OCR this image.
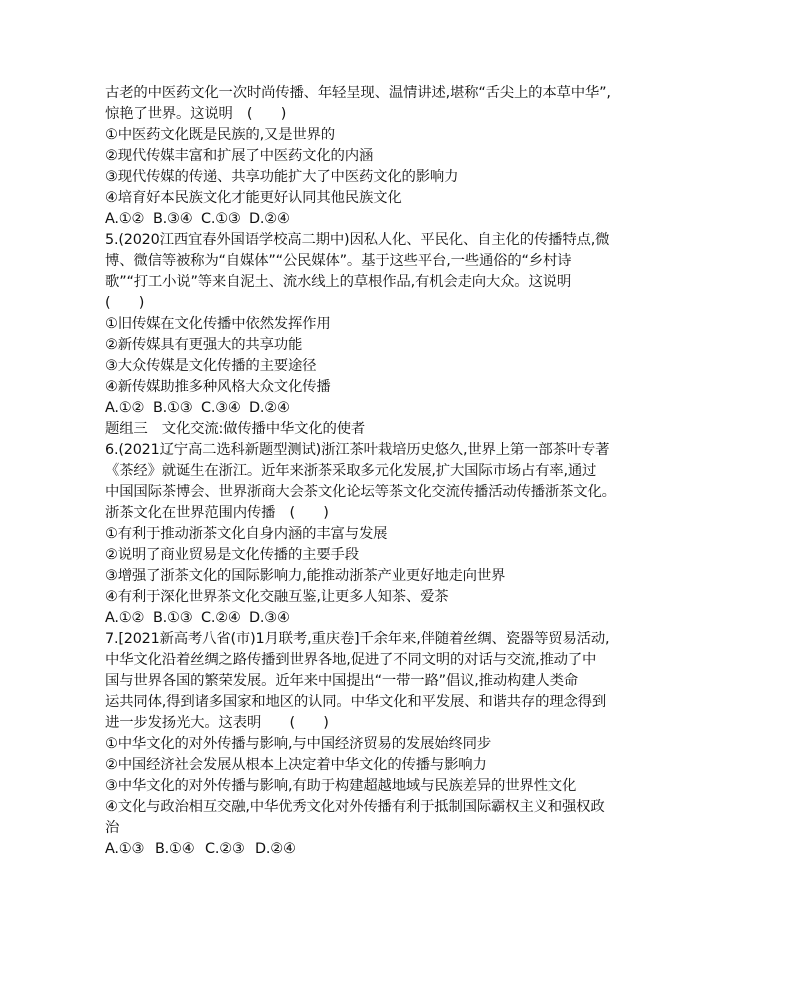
古老的中医药文化一次时尚传播、年轻呈现、温情讲述,堪称“舌尖上的本草中华”,
惊艳了世界。这说明　(　　)
①中医药文化既是民族的,又是世界的
②现代传媒丰富和扩展了中医药文化的内涵
③现代传媒的传递、共享功能扩大了中医药文化的影响力
④培育好本民族文化才能更好认同其他民族文化
A.①② B.③④ C.①③ D.②④
5.(2020江西宜春外国语学校高二期中)因私人化、平民化、自主化的传播特点,微
博、微信等被称为“自媒体”“公民媒体”。基于这些平台,一些通俗的“乡村诗
歌”“打工小说”等来自泥土、流水线上的草根作品,有机会走向大众。这说明
(　　)
①旧传媒在文化传播中依然发挥作用
②新传媒具有更强大的共享功能
③大众传媒是文化传播的主要途径
④新传媒助推多种风格大众文化传播
A.①② B.①③ C.③④ D.②④
题组三　文化交流:做传播中华文化的使者
6.(2021辽宁高二选科新题型测试)浙江茶叶栽培历史悠久,世界上第一部茶叶专著
《茶经》就诞生在浙江。近年来浙茶采取多元化发展,扩大国际市场占有率,通过
中国国际茶博会、世界浙商大会茶文化论坛等茶文化交流传播活动传播浙茶文化。
浙茶文化在世界范围内传播　(　　)
①有利于推动浙茶文化自身内涵的丰富与发展
②说明了商业贸易是文化传播的主要手段
③增强了浙茶文化的国际影响力,能推动浙茶产业更好地走向世界
④有利于深化世界茶文化交融互鉴,让更多人知茶、爱茶
A.①② B.①③ C.②④ D.③④
7.[2021新高考八省(市)1月联考,重庆卷]千余年来,伴随着丝绸、瓷器等贸易活动,
中华文化沿着丝绸之路传播到世界各地,促进了不同文明的对话与交流,推动了中
国与世界各国的繁荣发展。近年来中国提出“一带一路”倡议,推动构建人类命
运共同体,得到诸多国家和地区的认同。中华文化和平发展、和谐共存的理念得到
进一步发扬光大。这表明　　(　　)
①中华文化的对外传播与影响,与中国经济贸易的发展始终同步
②中国经济社会发展从根本上决定着中华文化的传播与影响力
③中华文化的对外传播与影响,有助于构建超越地域与民族差异的世界性文化
④文化与政治相互交融,中华优秀文化对外传播有利于抵制国际霸权主义和强权政
治
A.①③ B.①④ C.②③ D.②④
